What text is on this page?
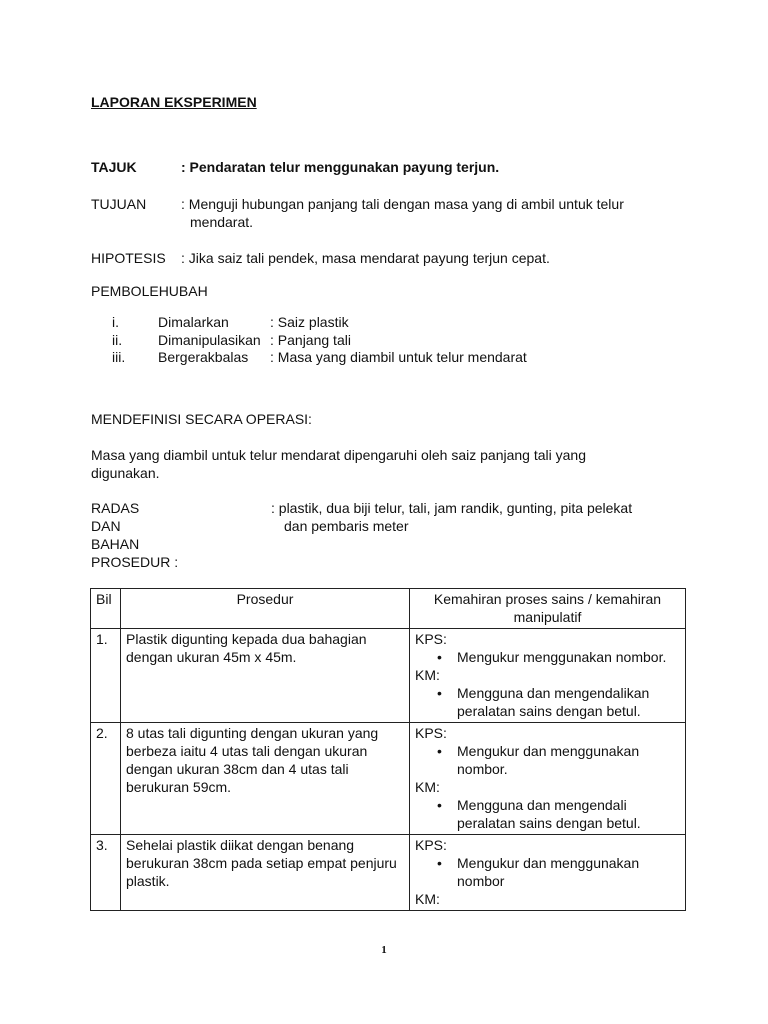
LAPORAN EKSPERIMEN
TAJUK	: Pendaratan telur menggunakan payung terjun.
TUJUAN : Menguji hubungan panjang tali dengan masa yang di ambil untuk telur
mendarat.
HIPOTESIS : Jika saiz tali pendek, masa mendarat payung terjun cepat.
PEMBOLEHUBAH
i.	Dimalarkan	: Saiz plastik
ii.	Dimanipulasikan : Panjang tali
iii. Bergerakbalas : Masa yang diambil untuk telur mendarat
MENDEFINISI SECARA OPERASI:
Masa yang diambil untuk telur mendarat dipengaruhi oleh saiz panjang tali yang
digunakan.
RADAS DAN BAHAN
: plastik, dua biji telur, tali, jam randik, gunting, pita pelekat
dan pembaris meter
PROSEDUR :
Bil	Prosedur	Kemahiran proses sains / kemahiran manipulatif
1.	Plastik digunting kepada dua bahagian dengan ukuran 45m x 45m.	KPS:

• Mengukur menggunakan nombor.

KM:

• Mengguna dan mengendalikan peralatan sains dengan betul.

2.	8 utas tali digunting dengan ukuran yang berbeza iaitu 4 utas tali dengan ukuran dengan ukuran 38cm dan 4 utas tali berukuran 59cm.	KPS:

• Mengukur dan menggunakan nombor.

KM:

• Mengguna dan mengendali peralatan sains dengan betul.

3.	Sehelai plastik diikat dengan benang berukuran 38cm pada setiap empat penjuru plastik.	KPS:

• Mengukur dan menggunakan nombor

KM:

1
